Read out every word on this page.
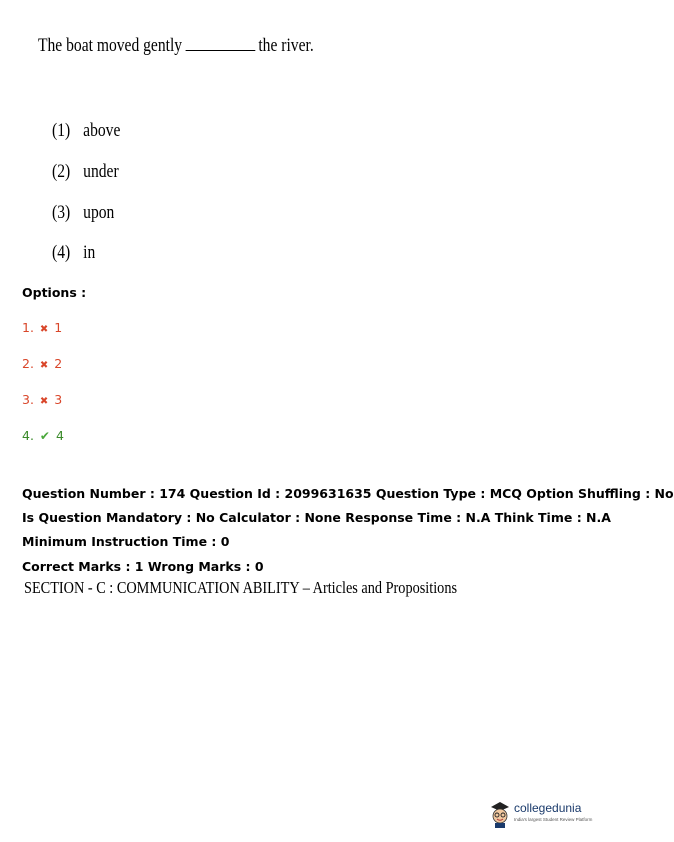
The boat moved gently	the river.
(1) above
(2) under
(3) upon
(4) in
Options :
1. ✖ 1
2. ✖ 2
3. ✖ 3
4. ✔ 4
Question Number : 174 Question Id : 2099631635 Question Type : MCQ Option Shuffling : No
Is Question Mandatory : No Calculator : None Response Time : N.A Think Time : N.A
Minimum Instruction Time : 0
Correct Marks : 1 Wrong Marks : 0
SECTION - C : COMMUNICATION ABILITY – Articles and Propositions
collegedunia
India's largest Student Review Platform
